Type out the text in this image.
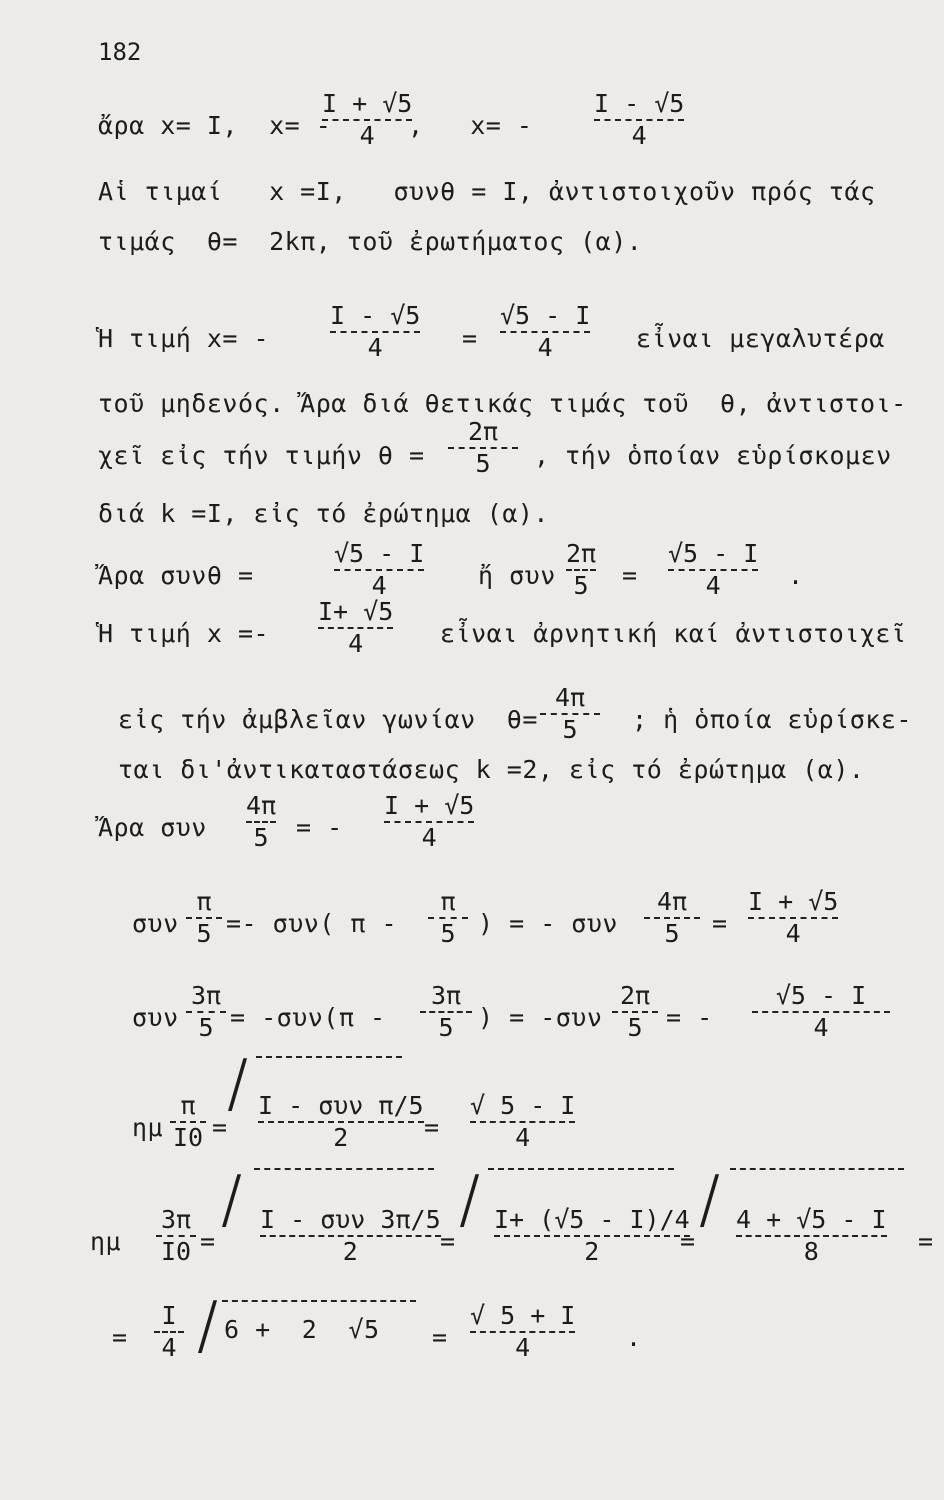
182
ἄρα x= I,  x= -
I + √5
4 ,   x= -
I - √5
4
Αἱ τιμαί   x =I,   συνθ = I, ἀντιστοιχοῦν πρός τάς
τιμάς  θ=  2kπ, τοῦ ἐρωτήματος (α).
Ἡ τιμή x= -
I - √5
4	=
√5 - I
4	εἶναι μεγαλυτέρα
τοῦ μηδενός. Ἄρα διά θετικάς τιμάς τοῦ  θ, ἀντιστοι-
χεῖ εἰς τήν τιμήν θ =
2π
5 , τήν ὁποίαν εὑρίσκομεν
διά k =I, εἰς τό ἐρώτημα (α).
Ἄρα συνθ =
√5 - I
4	ἤ συν
2π
5 =
√5 - I
4	.
Ἡ τιμή x =-
I+ √5
4	εἶναι ἀρνητική καί ἀντιστοιχεῖ
εἰς τήν ἀμβλεῖαν γωνίαν  θ=
4π
5 ; ἡ ὁποία εὑρίσκε-
ται δι'ἀντικαταστάσεως k =2, εἰς τό ἐρώτημα (α).
Ἄρα συν
4π
5 = -
I + √5
4
συν
π
5 =- συν( π -
π
5 ) = - συν
4π
5 =
I + √5
4
συν
3π
5 = -συν(π -
3π
5 ) = -συν
2π
5 = -
√5 - I
4
ημ
π
I0 =
/ I - συν π/5
2	=
√ 5 - I
4
ημ
3π
I0 =
/ I - συν 3π/5
2	=
/ I+ (√5 - I)/4
2	=
/ 4 + √5 - I
8	=
=
I
4 / 6 +  2  √5 =
√ 5 + I
4	.
